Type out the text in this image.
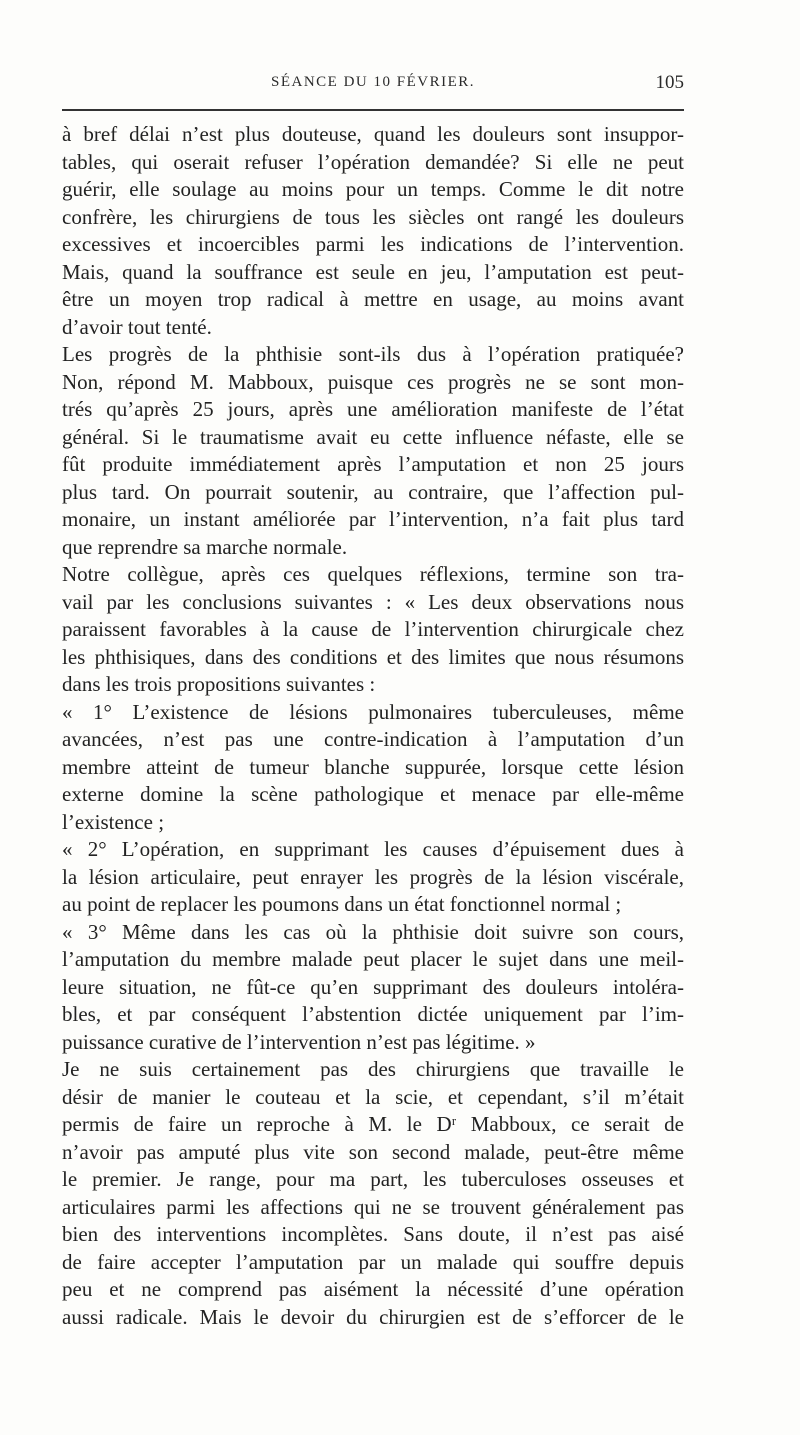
SÉANCE DU 10 FÉVRIER.	105
à bref délai n’est plus douteuse, quand les douleurs sont insuppor-
tables, qui oserait refuser l’opération demandée? Si elle ne peut
guérir, elle soulage au moins pour un temps. Comme le dit notre
confrère, les chirurgiens de tous les siècles ont rangé les douleurs
excessives et incoercibles parmi les indications de l’intervention.
Mais, quand la souffrance est seule en jeu, l’amputation est peut-
être un moyen trop radical à mettre en usage, au moins avant
d’avoir tout tenté.
Les progrès de la phthisie sont-ils dus à l’opération pratiquée?
Non, répond M. Mabboux, puisque ces progrès ne se sont mon-
trés qu’après 25 jours, après une amélioration manifeste de l’état
général. Si le traumatisme avait eu cette influence néfaste, elle se
fût produite immédiatement après l’amputation et non 25 jours
plus tard. On pourrait soutenir, au contraire, que l’affection pul-
monaire, un instant améliorée par l’intervention, n’a fait plus tard
que reprendre sa marche normale.
Notre collègue, après ces quelques réflexions, termine son tra-
vail par les conclusions suivantes : « Les deux observations nous
paraissent favorables à la cause de l’intervention chirurgicale chez
les phthisiques, dans des conditions et des limites que nous résumons
dans les trois propositions suivantes :
« 1° L’existence de lésions pulmonaires tuberculeuses, même
avancées, n’est pas une contre-indication à l’amputation d’un
membre atteint de tumeur blanche suppurée, lorsque cette lésion
externe domine la scène pathologique et menace par elle-même
l’existence ;
« 2° L’opération, en supprimant les causes d’épuisement dues à
la lésion articulaire, peut enrayer les progrès de la lésion viscérale,
au point de replacer les poumons dans un état fonctionnel normal ;
« 3° Même dans les cas où la phthisie doit suivre son cours,
l’amputation du membre malade peut placer le sujet dans une meil-
leure situation, ne fût-ce qu’en supprimant des douleurs intoléra-
bles, et par conséquent l’abstention dictée uniquement par l’im-
puissance curative de l’intervention n’est pas légitime. »
Je ne suis certainement pas des chirurgiens que travaille le
désir de manier le couteau et la scie, et cependant, s’il m’était
permis de faire un reproche à M. le Dʳ Mabboux, ce serait de
n’avoir pas amputé plus vite son second malade, peut-être même
le premier. Je range, pour ma part, les tuberculoses osseuses et
articulaires parmi les affections qui ne se trouvent généralement pas
bien des interventions incomplètes. Sans doute, il n’est pas aisé
de faire accepter l’amputation par un malade qui souffre depuis
peu et ne comprend pas aisément la nécessité d’une opération
aussi radicale. Mais le devoir du chirurgien est de s’efforcer de le
